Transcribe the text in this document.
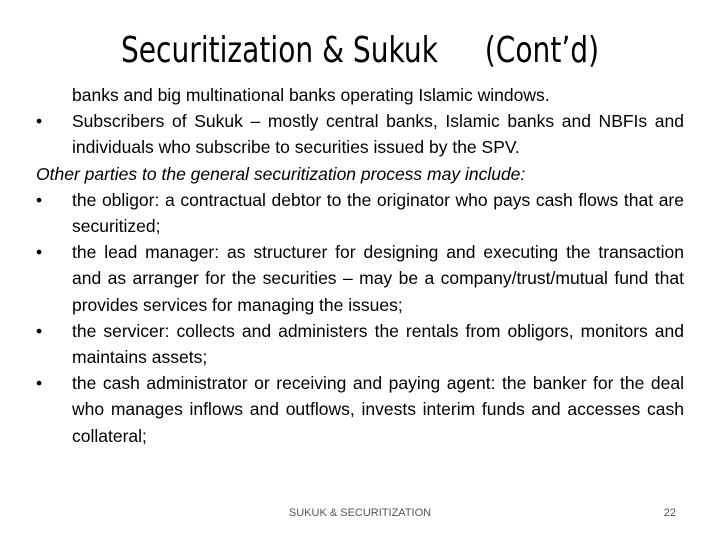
Securitization & Sukuk (Cont’d)
banks and big multinational banks operating Islamic windows.
•	Subscribers of Sukuk – mostly central banks, Islamic banks and NBFIs and individuals who subscribe to securities issued by the SPV.
Other parties to the general securitization process may include:
•	the obligor: a contractual debtor to the originator who pays cash flows that are securitized;
•	the lead manager: as structurer for designing and executing the transaction and as arranger for the securities – may be a company/trust/mutual fund that provides services for managing the issues;
•	the servicer: collects and administers the rentals from obligors, monitors and maintains assets;
•	the cash administrator or receiving and paying agent: the banker for the deal who manages inflows and outflows, invests interim funds and accesses cash collateral;
SUKUK & SECURITIZATION	22
